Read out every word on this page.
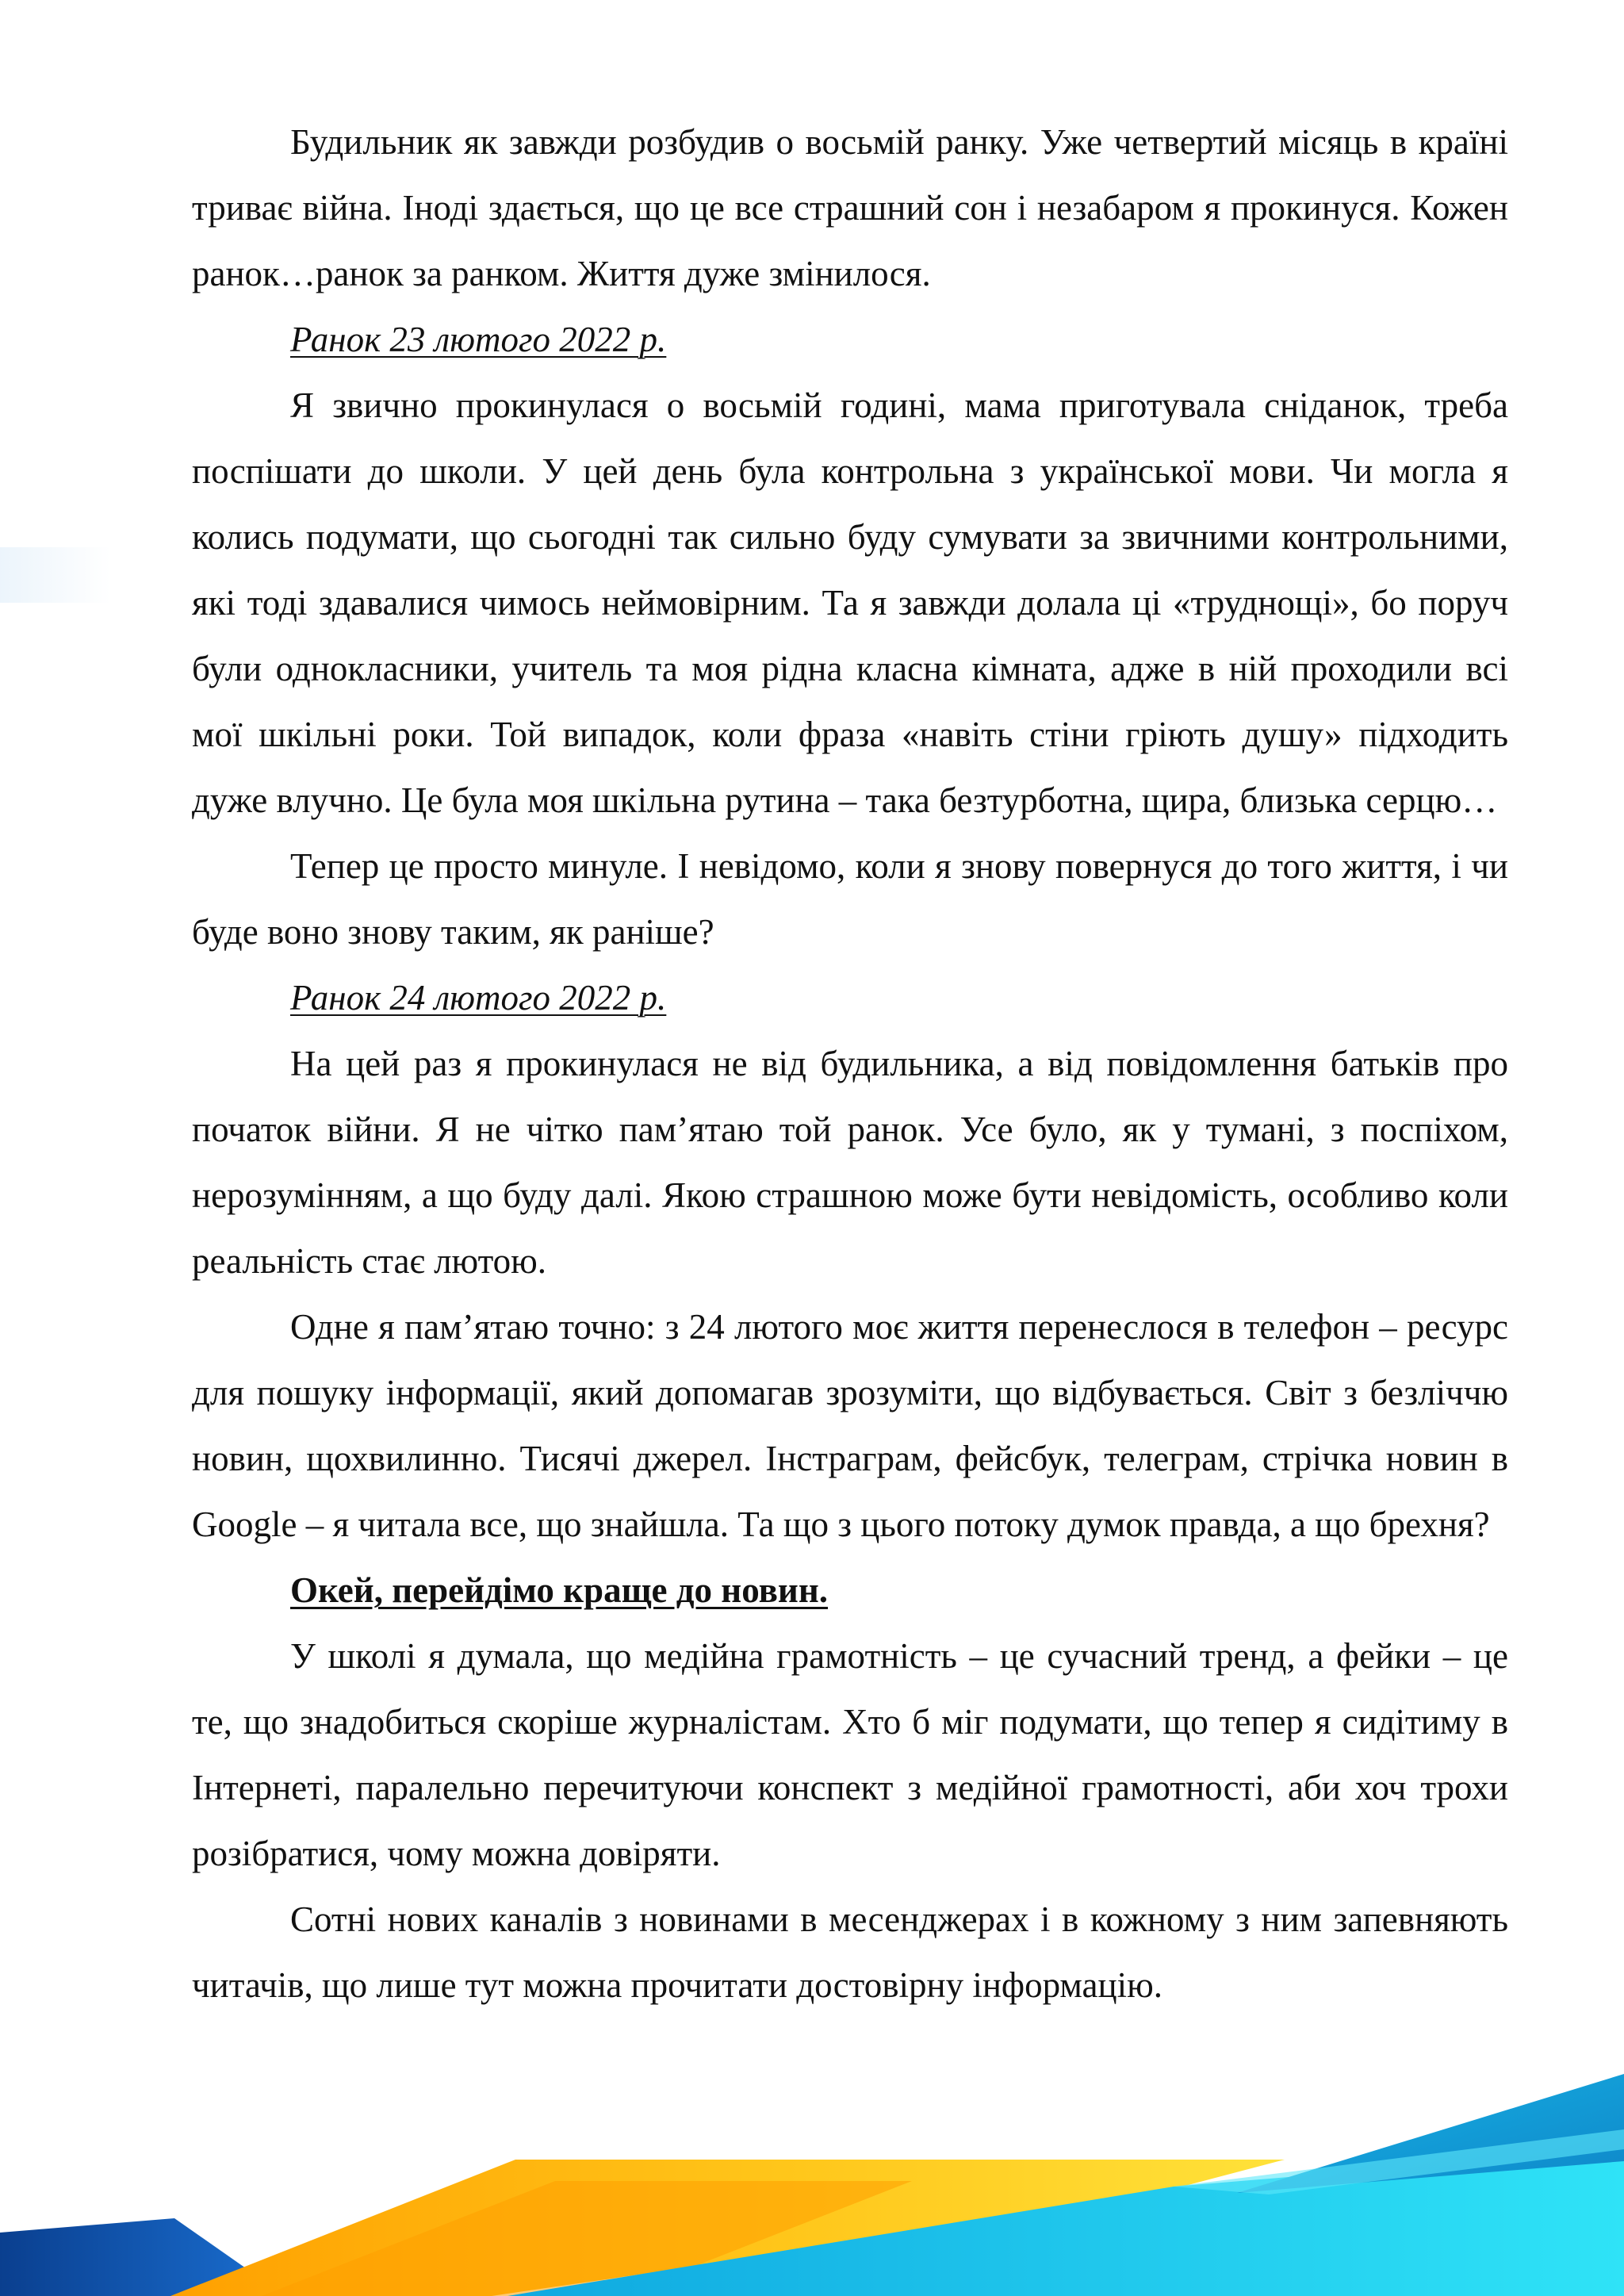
Будильник як завжди розбудив о восьмій ранку. Уже четвертий місяць в країні триває війна. Іноді здається, що це все страшний сон і незабаром я прокинуся. Кожен ранок…ранок за ранком. Життя дуже змінилося.

Ранок 23 лютого 2022 р.

Я звично прокинулася о восьмій годині, мама приготувала сніданок, треба поспішати до школи. У цей день була контрольна з української мови. Чи могла я колись подумати, що сьогодні так сильно буду сумувати за звичними контрольними, які тоді здавалися чимось неймовірним. Та я завжди долала ці «труднощі», бо поруч були однокласники, учитель та моя рідна класна кімната, адже в ній проходили всі мої шкільні роки. Той випадок, коли фраза «навіть стіни гріють душу» підходить дуже влучно. Це була моя шкільна рутина – така безтурботна, щира, близька серцю…

Тепер це просто минуле. І невідомо, коли я знову повернуся до того життя, і чи буде воно знову таким, як раніше?

Ранок 24 лютого 2022 р.

На цей раз я прокинулася не від будильника, а від повідомлення батьків про початок війни. Я не чітко пам’ятаю той ранок. Усе було, як у тумані, з поспіхом, нерозумінням, а що буду далі. Якою страшною може бути невідомість, особливо коли реальність стає лютою.

Одне я пам’ятаю точно: з 24 лютого моє життя перенеслося в телефон – ресурс для пошуку інформації, який допомагав зрозуміти, що відбувається. Світ з безліччю новин, щохвилинно. Тисячі джерел. Інстраграм, фейсбук, телеграм, стрічка новин в Google – я читала все, що знайшла. Та що з цього потоку думок правда, а що брехня?

Окей, перейдімо краще до новин.

У школі я думала, що медійна грамотність – це сучасний тренд, а фейки – це те, що знадобиться скоріше журналістам. Хто б міг подумати, що тепер я сидітиму в Інтернеті, паралельно перечитуючи конспект з медійної грамотності, аби хоч трохи розібратися, чому можна довіряти.

Сотні нових каналів з новинами в месенджерах і в кожному з ним запевняють читачів, що лише тут можна прочитати достовірну інформацію.
